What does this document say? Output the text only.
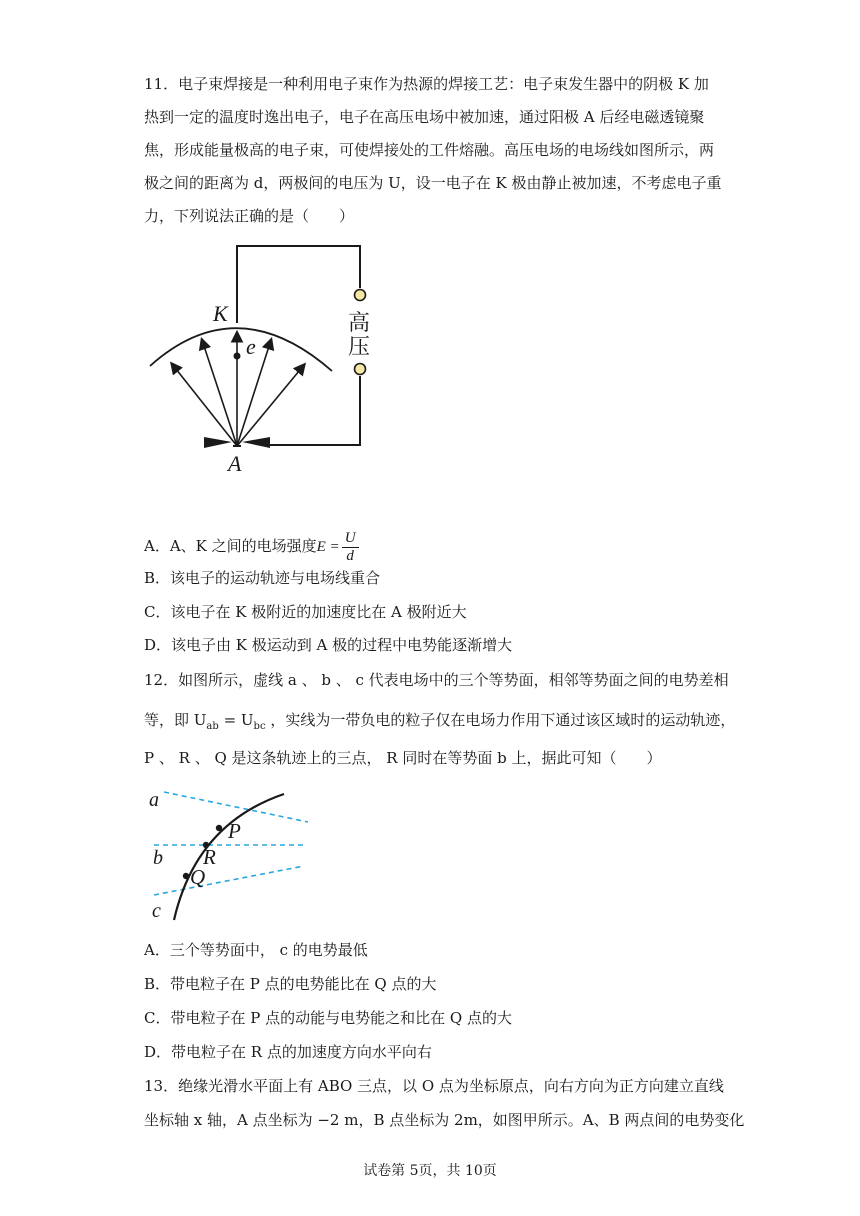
11．电子束焊接是一种利用电子束作为热源的焊接工艺：电子束发生器中的阴极 K 加
热到一定的温度时逸出电子，电子在高压电场中被加速，通过阳极 A 后经电磁透镜聚
焦，形成能量极高的电子束，可使焊接处的工件熔融。高压电场的电场线如图所示，两
极之间的距离为 d，两极间的电压为 U，设一电子在 K 极由静止被加速，不考虑电子重
力，下列说法正确的是（　　）
K
e
A
高
压
A．A、K 之间的电场强度$E = \frac{U}{d}$
B．该电子的运动轨迹与电场线重合
C．该电子在 K 极附近的加速度比在 A 极附近大
D．该电子由 K 极运动到 A 极的过程中电势能逐渐增大
12．如图所示，虚线 a 、 b 、 c 代表电场中的三个等势面，相邻等势面之间的电势差相
等，即 $U_{ab} = U_{bc}$ ，实线为一带负电的粒子仅在电场力作用下通过该区域时的运动轨迹，
P 、 R 、 Q 是这条轨迹上的三点， R 同时在等势面 b 上，据此可知（　　）
a
b
c
P
R
Q
A．三个等势面中， c 的电势最低
B．带电粒子在 P 点的电势能比在 Q 点的大
C．带电粒子在 P 点的动能与电势能之和比在 Q 点的大
D．带电粒子在 R 点的加速度方向水平向右
13．绝缘光滑水平面上有 ABO 三点，以 O 点为坐标原点，向右方向为正方向建立直线
坐标轴 x 轴，A 点坐标为 −2 m，B 点坐标为 2m，如图甲所示。A、B 两点间的电势变化
试卷第 5页，共 10页
